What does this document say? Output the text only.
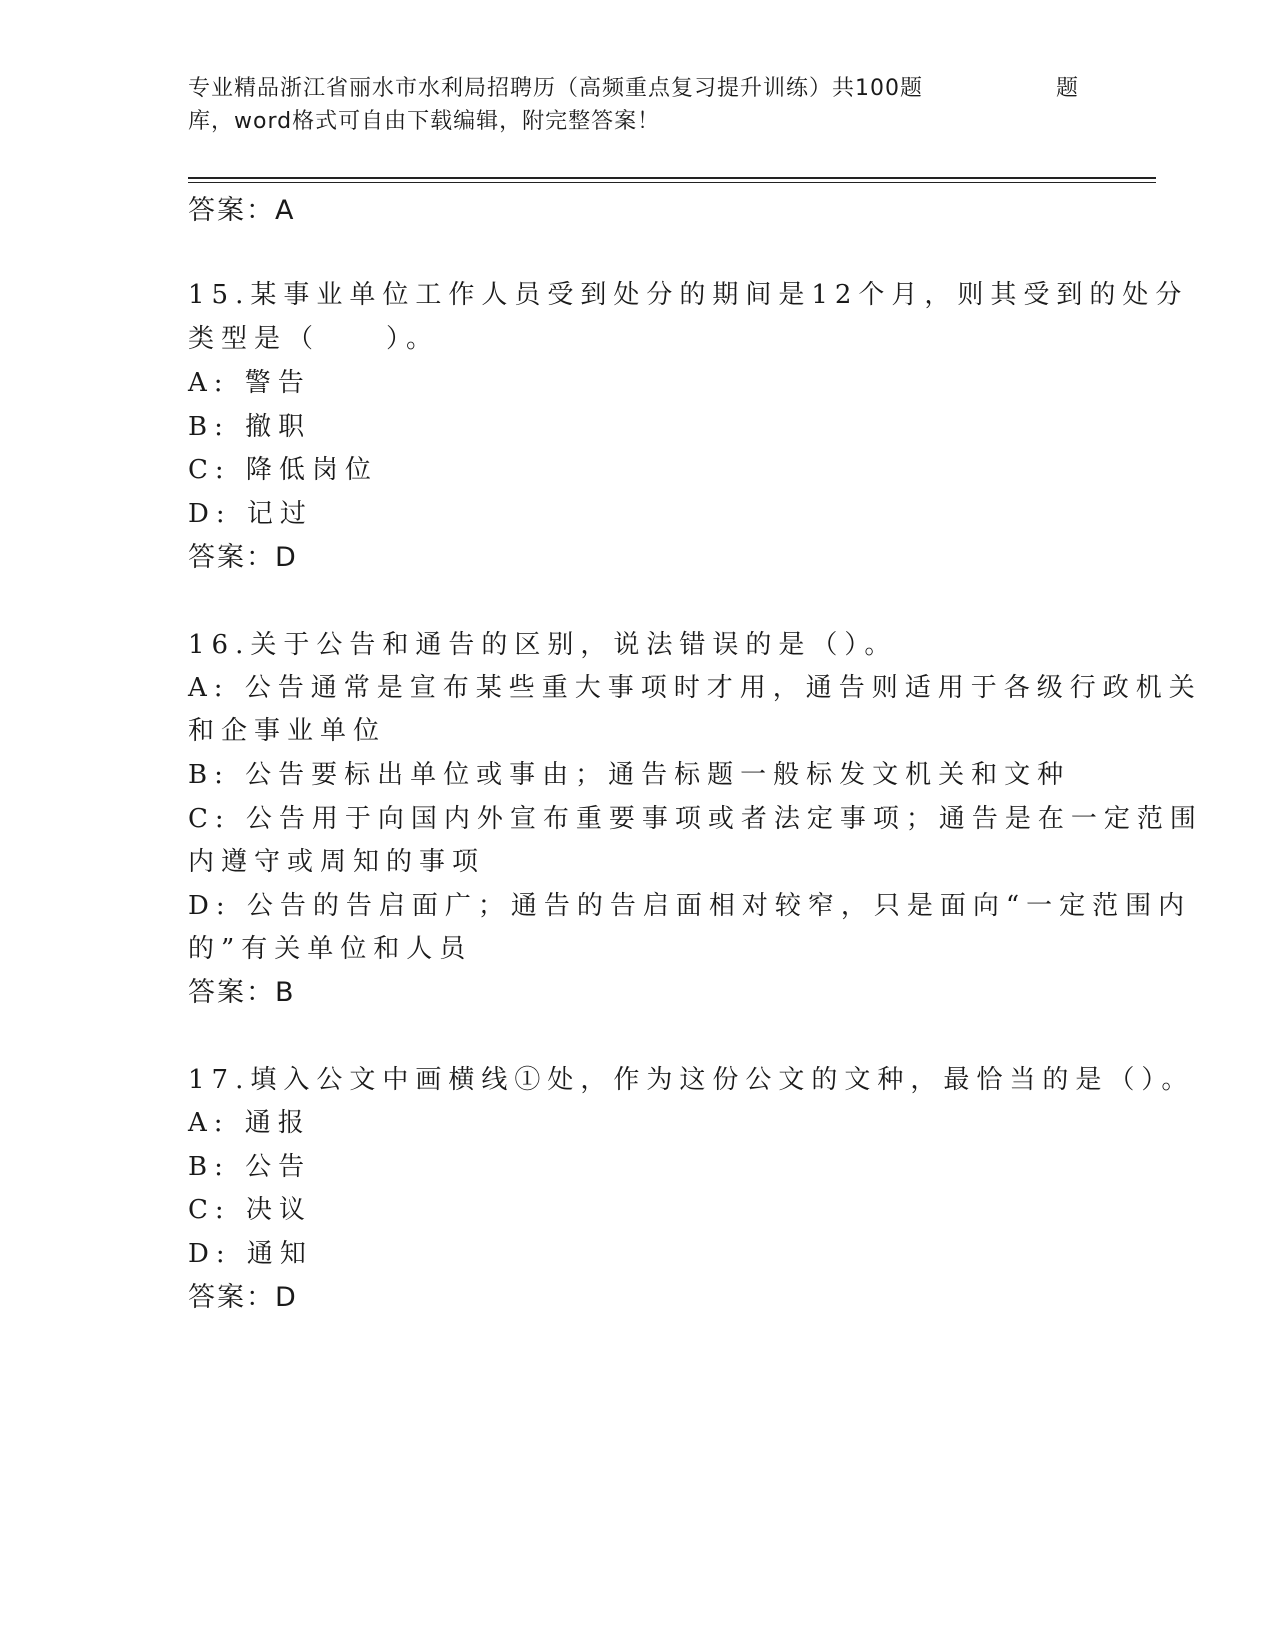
专业精品浙江省丽水市水利局招聘历（高频重点复习提升训练）共100题	题
库，word格式可自由下载编辑，附完整答案！
答案：A
15.某事业单位工作人员受到处分的期间是12个月，则其受到的处分
类型是（　　）。
A: 警告
B: 撤职
C: 降低岗位
D: 记过
答案：D
16.关于公告和通告的区别，说法错误的是（）。
A: 公告通常是宣布某些重大事项时才用，通告则适用于各级行政机关
和企事业单位
B: 公告要标出单位或事由；通告标题一般标发文机关和文种
C: 公告用于向国内外宣布重要事项或者法定事项；通告是在一定范围
内遵守或周知的事项
D: 公告的告启面广；通告的告启面相对较窄，只是面向“一定范围内
的”有关单位和人员
答案：B
17.填入公文中画横线①处，作为这份公文的文种，最恰当的是（）。
A: 通报
B: 公告
C: 决议
D: 通知
答案：D
